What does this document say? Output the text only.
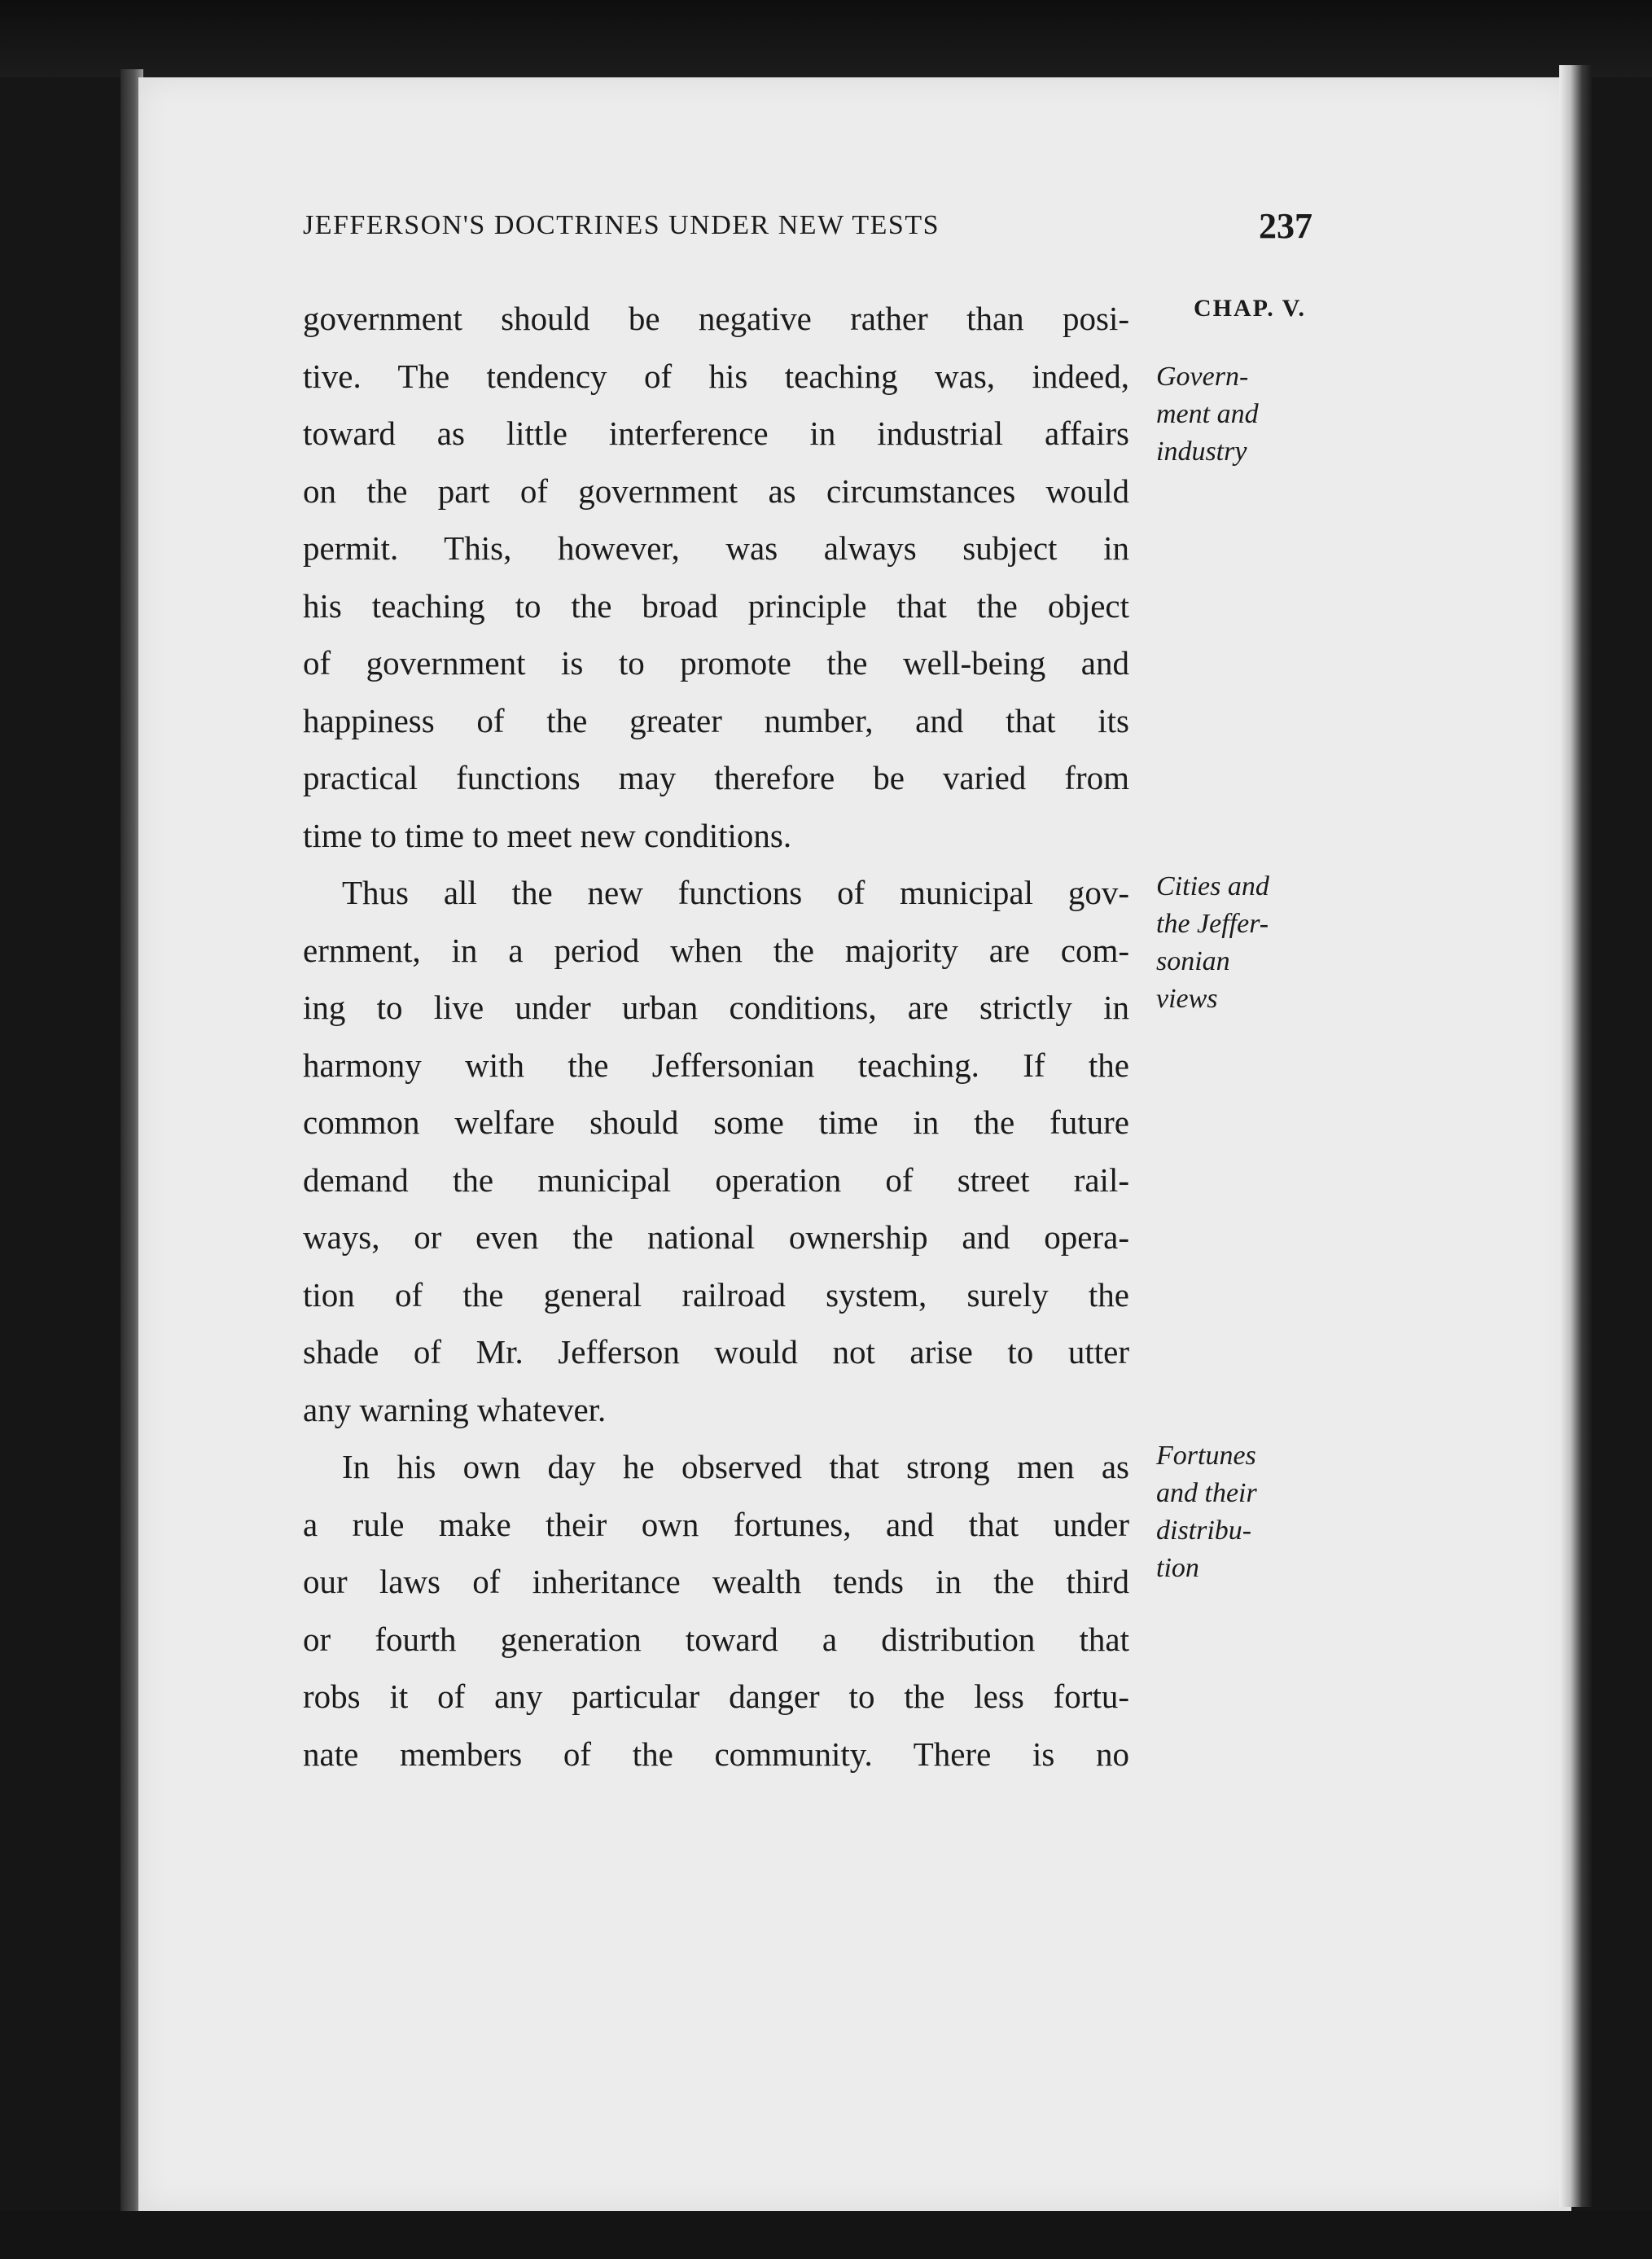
JEFFERSON'S DOCTRINES UNDER NEW TESTS	237
CHAP. V.
Govern-
ment and
industry
Cities and
the Jeffer-
sonian
views
Fortunes
and their
distribu-
tion
government should be negative rather than posi-
tive. The tendency of his teaching was, indeed,
toward as little interference in industrial affairs
on the part of government as circumstances would
permit. This, however, was always subject in
his teaching to the broad principle that the object
of government is to promote the well-being and
happiness of the greater number, and that its
practical functions may therefore be varied from
time to time to meet new conditions.
Thus all the new functions of municipal gov-
ernment, in a period when the majority are com-
ing to live under urban conditions, are strictly in
harmony with the Jeffersonian teaching. If the
common welfare should some time in the future
demand the municipal operation of street rail-
ways, or even the national ownership and opera-
tion of the general railroad system, surely the
shade of Mr. Jefferson would not arise to utter
any warning whatever.
In his own day he observed that strong men as
a rule make their own fortunes, and that under
our laws of inheritance wealth tends in the third
or fourth generation toward a distribution that
robs it of any particular danger to the less fortu-
nate members of the community. There is no
